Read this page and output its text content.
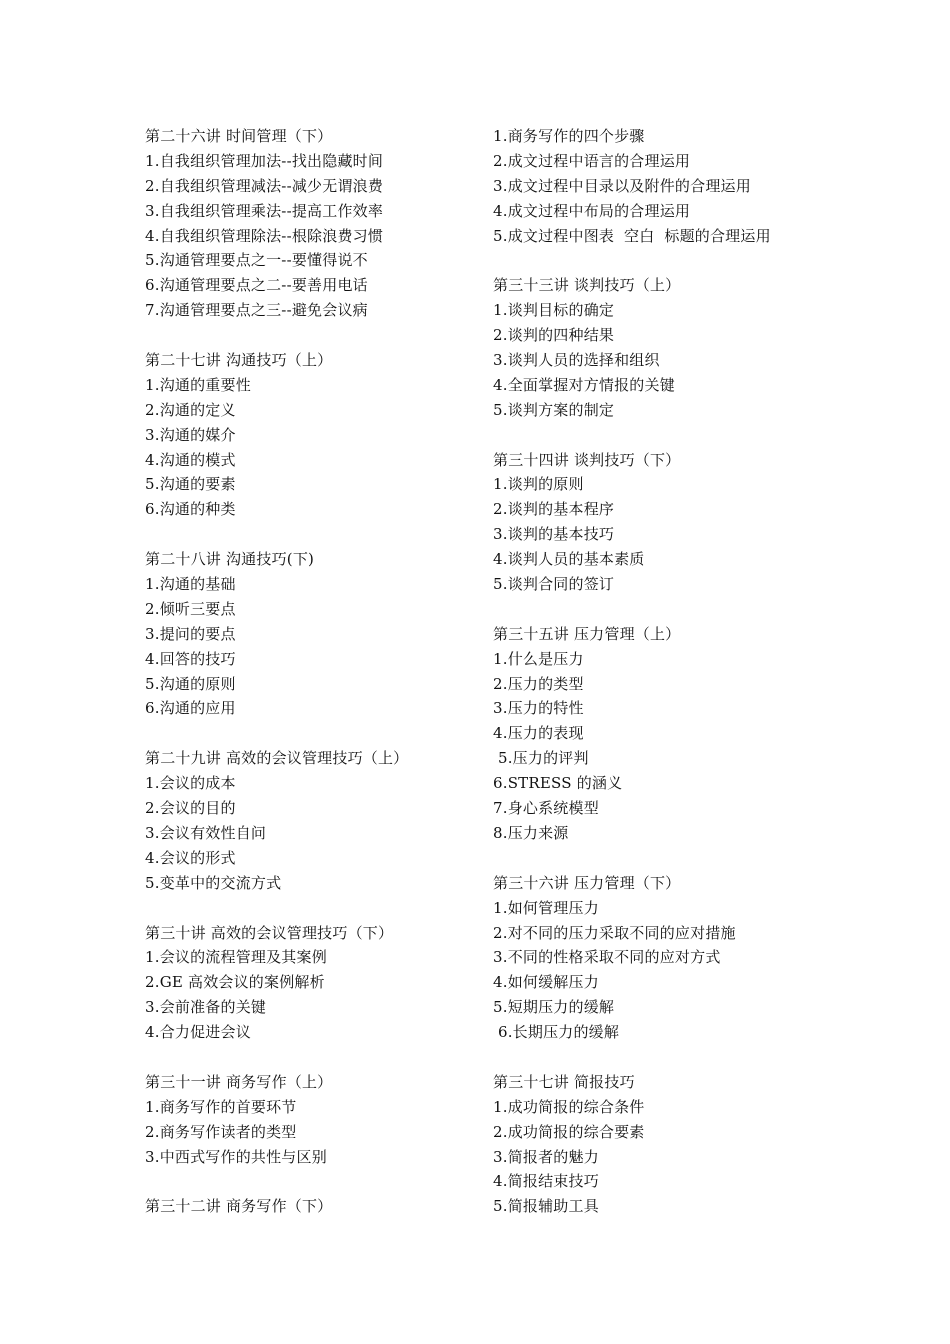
第二十六讲 时间管理（下）
1.自我组织管理加法--找出隐藏时间
2.自我组织管理减法--减少无谓浪费
3.自我组织管理乘法--提高工作效率
4.自我组织管理除法--根除浪费习惯
5.沟通管理要点之一--要懂得说不
6.沟通管理要点之二--要善用电话
7.沟通管理要点之三--避免会议病
第二十七讲 沟通技巧（上）
1.沟通的重要性
2.沟通的定义
3.沟通的媒介
4.沟通的模式
5.沟通的要素
6.沟通的种类
第二十八讲 沟通技巧(下)
1.沟通的基础
2.倾听三要点
3.提问的要点
4.回答的技巧
5.沟通的原则
6.沟通的应用
第二十九讲 高效的会议管理技巧（上）
1.会议的成本
2.会议的目的
3.会议有效性自问
4.会议的形式
5.变革中的交流方式
第三十讲 高效的会议管理技巧（下）
1.会议的流程管理及其案例
2.GE 高效会议的案例解析
3.会前准备的关键
4.合力促进会议
第三十一讲 商务写作（上）
1.商务写作的首要环节
2.商务写作读者的类型
3.中西式写作的共性与区别
第三十二讲 商务写作（下）
1.商务写作的四个步骤
2.成文过程中语言的合理运用
3.成文过程中目录以及附件的合理运用
4.成文过程中布局的合理运用
5.成文过程中图表  空白  标题的合理运用
第三十三讲 谈判技巧（上）
1.谈判目标的确定
2.谈判的四种结果
3.谈判人员的选择和组织
4.全面掌握对方情报的关键
5.谈判方案的制定
第三十四讲 谈判技巧（下）
1.谈判的原则
2.谈判的基本程序
3.谈判的基本技巧
4.谈判人员的基本素质
5.谈判合同的签订
第三十五讲 压力管理（上）
1.什么是压力
2.压力的类型
3.压力的特性
4.压力的表现
5.压力的评判
6.STRESS 的涵义
7.身心系统模型
8.压力来源
第三十六讲 压力管理（下）
1.如何管理压力
2.对不同的压力采取不同的应对措施
3.不同的性格采取不同的应对方式
4.如何缓解压力
5.短期压力的缓解
6.长期压力的缓解
第三十七讲 简报技巧
1.成功简报的综合条件
2.成功简报的综合要素
3.简报者的魅力
4.简报结束技巧
5.简报辅助工具
